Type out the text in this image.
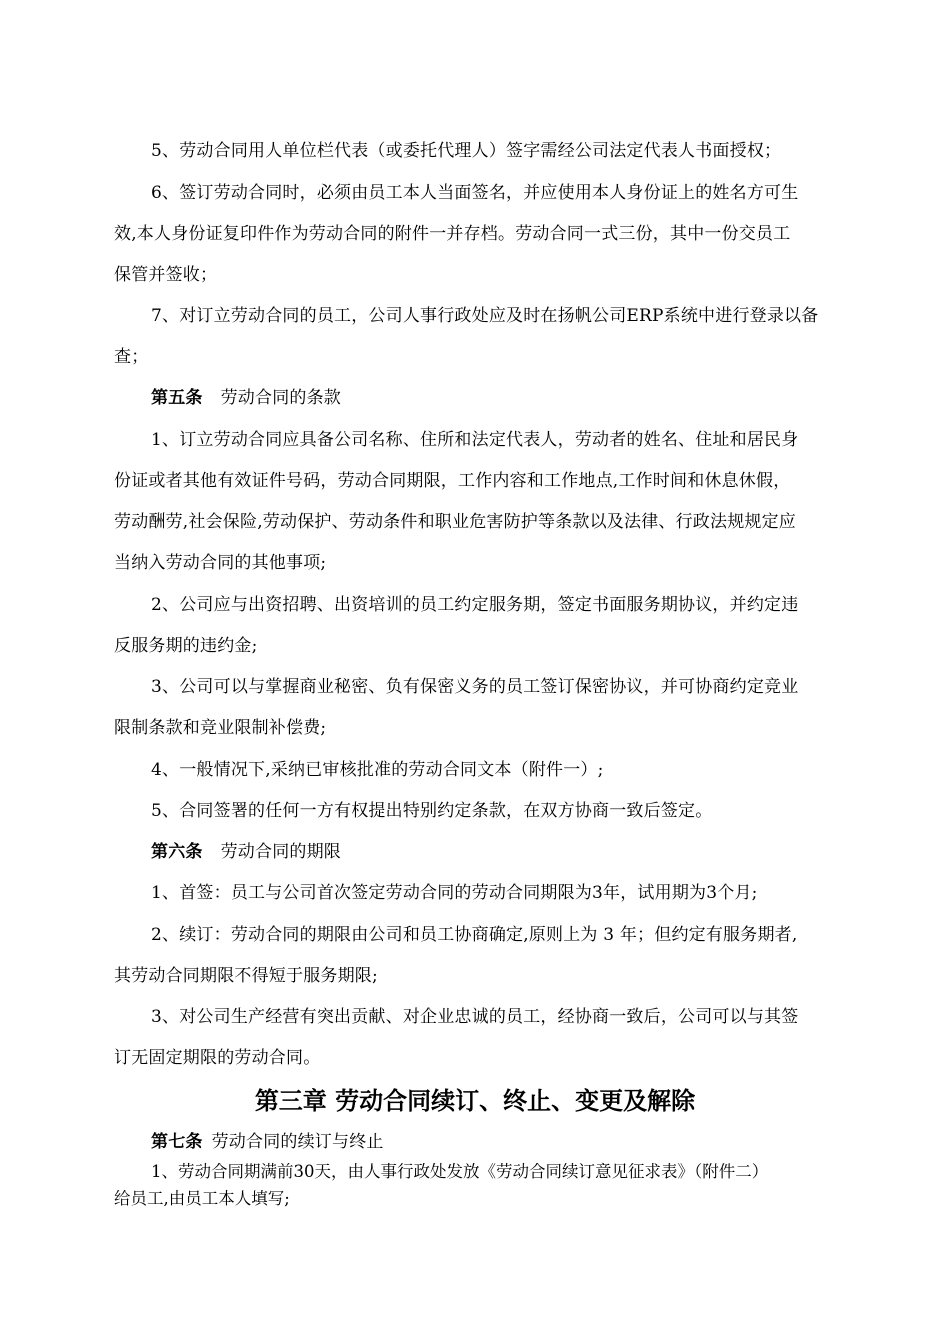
5、劳动合同用人单位栏代表（或委托代理人）签字需经公司法定代表人书面授权；
6、签订劳动合同时，必须由员工本人当面签名，并应使用本人身份证上的姓名方可生
效,本人身份证复印件作为劳动合同的附件一并存档。劳动合同一式三份，其中一份交员工
保管并签收；
7、对订立劳动合同的员工，公司人事行政处应及时在扬帆公司ERP系统中进行登录以备
查；
第五条 劳动合同的条款
1、订立劳动合同应具备公司名称、住所和法定代表人，劳动者的姓名、住址和居民身
份证或者其他有效证件号码，劳动合同期限，工作内容和工作地点,工作时间和休息休假，
劳动酬劳,社会保险,劳动保护、劳动条件和职业危害防护等条款以及法律、行政法规规定应
当纳入劳动合同的其他事项;
2、公司应与出资招聘、出资培训的员工约定服务期，签定书面服务期协议，并约定违
反服务期的违约金;
3、公司可以与掌握商业秘密、负有保密义务的员工签订保密协议，并可协商约定竞业
限制条款和竞业限制补偿费;
4、一般情况下,采纳已审核批准的劳动合同文本（附件一）;
5、合同签署的任何一方有权提出特别约定条款，在双方协商一致后签定。
第六条 劳动合同的期限
1、首签：员工与公司首次签定劳动合同的劳动合同期限为3年，试用期为3个月;
2、续订：劳动合同的期限由公司和员工协商确定,原则上为 3 年；但约定有服务期者,
其劳动合同期限不得短于服务期限;
3、对公司生产经营有突出贡献、对企业忠诚的员工，经协商一致后，公司可以与其签
订无固定期限的劳动合同。
第三章 劳动合同续订、终止、变更及解除
第七条 劳动合同的续订与终止
1、劳动合同期满前30天，由人事行政处发放《劳动合同续订意见征求表》（附件二）
给员工,由员工本人填写;
